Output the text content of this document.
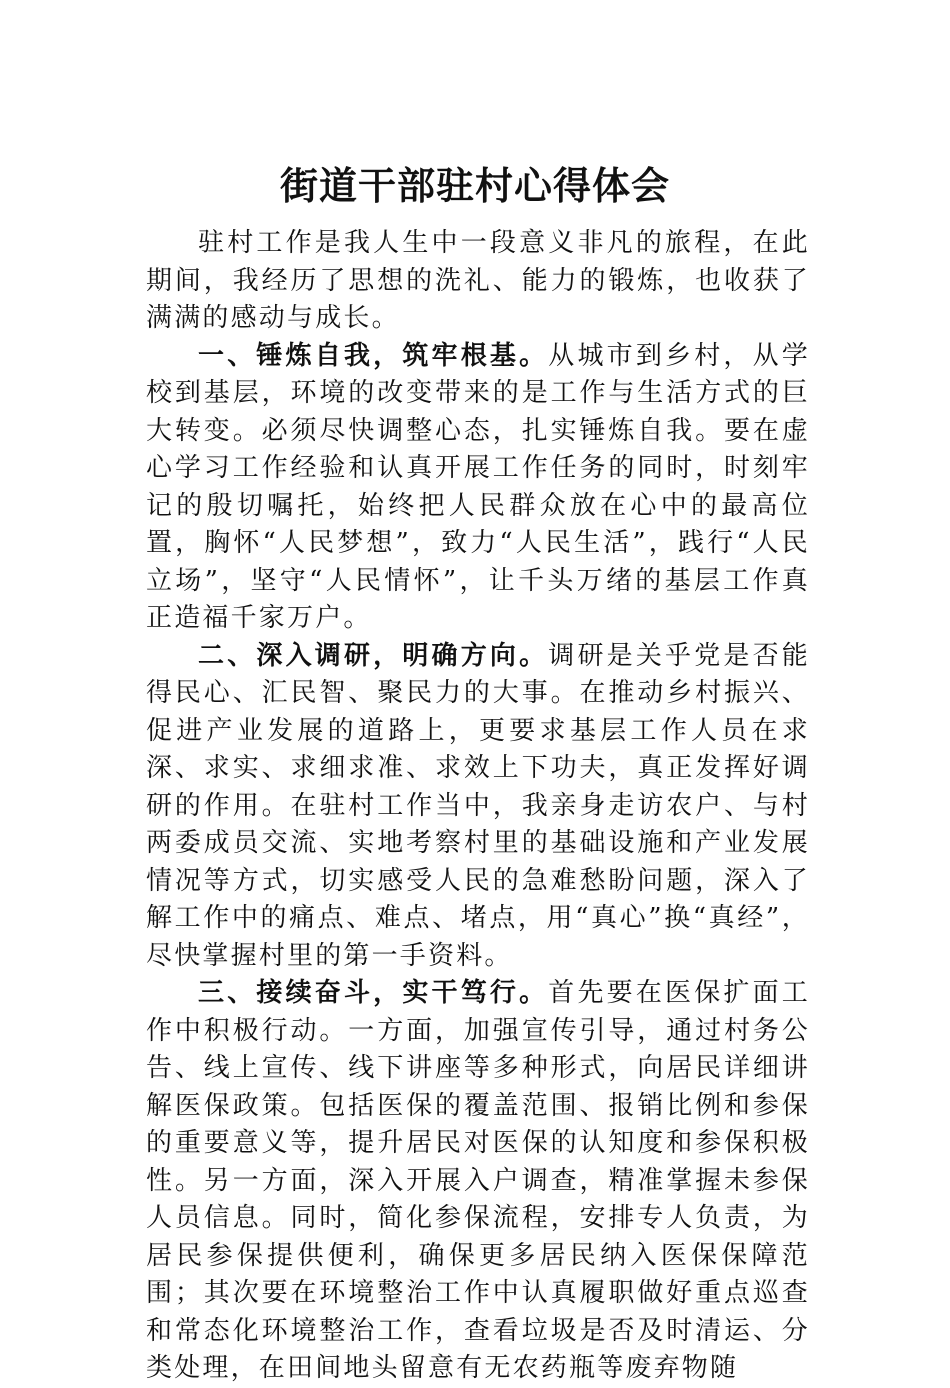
街道干部驻村心得体会

驻村工作是我人生中一段意义非凡的旅程，在此期间，我经历了思想的洗礼、能力的锻炼，也收获了满满的感动与成长。

一、锤炼自我，筑牢根基。从城市到乡村，从学校到基层，环境的改变带来的是工作与生活方式的巨大转变。必须尽快调整心态，扎实锤炼自我。要在虚心学习工作经验和认真开展工作任务的同时，时刻牢记的殷切嘱托，始终把人民群众放在心中的最高位置，胸怀“人民梦想”，致力“人民生活”，践行“人民立场”，坚守“人民情怀”，让千头万绪的基层工作真正造福千家万户。

二、深入调研，明确方向。调研是关乎党是否能得民心、汇民智、聚民力的大事。在推动乡村振兴、促进产业发展的道路上，更要求基层工作人员在求深、求实、求细求准、求效上下功夫，真正发挥好调研的作用。在驻村工作当中，我亲身走访农户、与村两委成员交流、实地考察村里的基础设施和产业发展情况等方式，切实感受人民的急难愁盼问题，深入了解工作中的痛点、难点、堵点，用“真心”换“真经”，尽快掌握村里的第一手资料。

三、接续奋斗，实干笃行。首先要在医保扩面工作中积极行动。一方面，加强宣传引导，通过村务公告、线上宣传、线下讲座等多种形式，向居民详细讲解医保政策。包括医保的覆盖范围、报销比例和参保的重要意义等，提升居民对医保的认知度和参保积极性。另一方面，深入开展入户调查，精准掌握未参保人员信息。同时，简化参保流程，安排专人负责，为居民参保提供便利，确保更多居民纳入医保保障范围；其次要在环境整治工作中认真履职做好重点巡查和常态化环境整治工作，查看垃圾是否及时清运、分类处理，在田间地头留意有无农药瓶等废弃物随
